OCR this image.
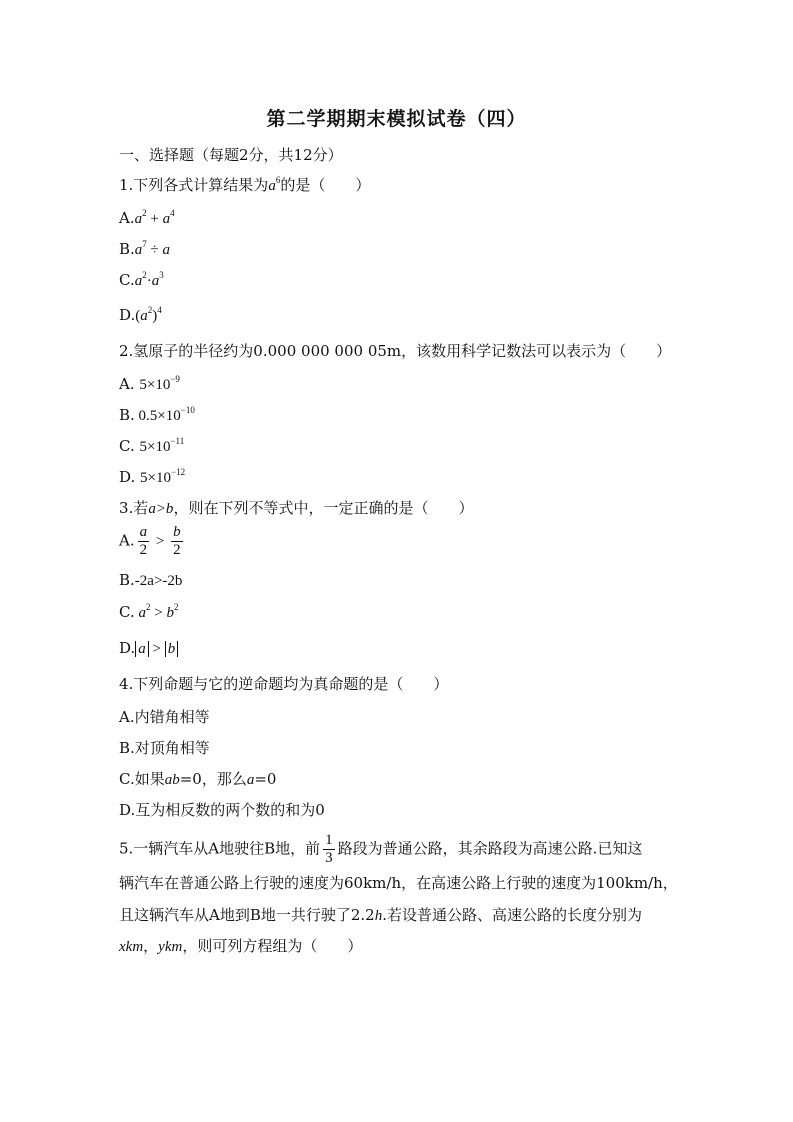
第二学期期末模拟试卷（四）
一、选择题（每题2分，共12分）
1.下列各式计算结果为$a^6$的是（　　）
$A.a^2 + a^4$
$B.a^7 \div a$
$C.a^2\cdot a^3$
$D.(a^2)^4$
2.氢原子的半径约为0.000 000 000 05m，该数用科学记数法可以表示为（　　）
A. $5\times 10^{-9}$
B. $0.5\times 10^{-10}$
C. $5\times 10^{-11}$
D. $5\times 10^{-12}$
3.若a>b，则在下列不等式中，一定正确的是（　　）
A. $\frac{a}{2} > \frac{b}{2}$
B.-2a>-2b
C. $a^2 > b^2$
D. a > b
4.下列命题与它的逆命题均为真命题的是（　　）
A.内错角相等
B.对顶角相等
C.如果ab=0，那么a=0
D.互为相反数的两个数的和为0
5.一辆汽车从A地驶往B地，前 $\frac{1}{3}$ 路段为普通公路，其余路段为高速公路.已知这
辆汽车在普通公路上行驶的速度为60km/h，在高速公路上行驶的速度为100km/h，
且这辆汽车从A地到B地一共行驶了2.2h.若设普通公路、高速公路的长度分别为
xkm，ykm，则可列方程组为（　　）
